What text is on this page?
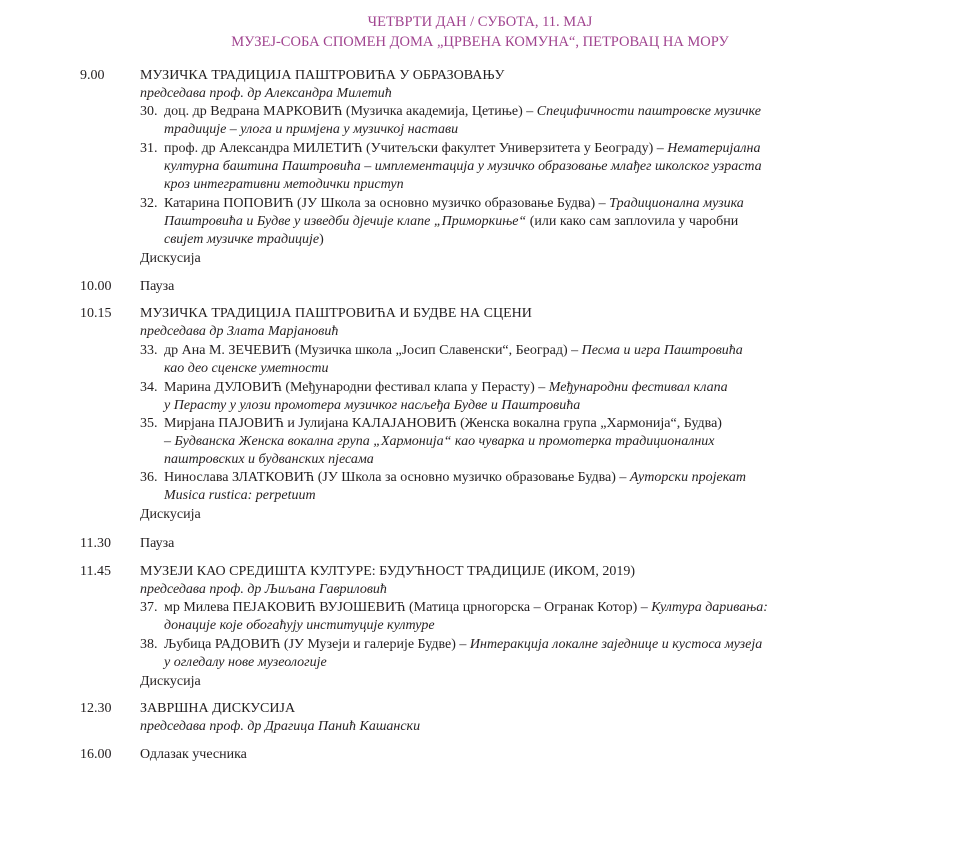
ЧЕТВРТИ ДАН / СУБОТА, 11. МАЈ
МУЗЕЈ-СОБА СПОМЕН ДОМА „ЦРВЕНА КОМУНА“, ПЕТРОВАЦ НА МОРУ
9.00	МУЗИЧКА ТРАДИЦИЈА ПАШТРОВИЋА У ОБРАЗОВАЊУ
председава проф. др Александра Милетић
30. доц. др Ведрана МАРКОВИЋ (Музичка академија, Цетиње) – Специфичности паштровске музичке
традиције – улога и примјена у музичкој настави
31. проф. др Александра МИЛЕТИЋ (Учитељски факултет Универзитета у Београду) – Нематеријална
културна баштина Паштровића – имплементација у музичко образовање млађег школског узраста
кроз интегративни методички приступ
32. Катарина ПОПОВИЋ (ЈУ Школа за основно музичко образовање Будва) – Традиционална музика
Паштровића и Будве у изведби дјечије клапе „Приморкиње“ (или како сам заплovила у чаробни
свијет музичке традиције)
Дискусија
10.00 Пауза
10.15 МУЗИЧКА ТРАДИЦИЈА ПАШТРОВИЋА И БУДВЕ НА СЦЕНИ
председава др Злата Марјановић
33. др Ана М. ЗЕЧЕВИЋ (Музичка школа „Јосип Славенски“, Београд) – Песма и игра Паштровића
као део сценске уметности
34. Марина ДУЛОВИЋ (Међународни фестивал клапа у Перасту) – Међународни фестивал клапа
у Перасту у улози промотера музичког насљеђа Будве и Паштровића
35. Мирјана ПАЈОВИЋ и Јулијана КАЛАЈАНОВИЋ (Женска вокална група „Хармонија“, Будва)
– Будванска Женска вокална група „Хармонија“ као чуварка и промотерка традиционалних
паштровских и будванских пјесама
36. Нинослава ЗЛАТКОВИЋ (ЈУ Школа за основно музичко образовање Будва) – Ауторски пројекат
Musica rustica: perpetuum
Дискусија
11.30 Пауза
11.45 МУЗЕЈИ КАО СРЕДИШТА КУЛТУРЕ: БУДУЋНОСТ ТРАДИЦИЈЕ (ИКОМ, 2019)
председава проф. др Љиљана Гавриловић
37. мр Милева ПЕЈАКОВИЋ ВУЈОШЕВИЋ (Матица црногорска – Огранак Котор) – Култура даривања:
донације које обогаћују институције културе
38. Љубица РАДОВИЋ (ЈУ Музеји и галерије Будве) – Интеракција локалне заједнице и кустоса музеја
у огледалу нове музеологије
Дискусија
12.30 ЗАВРШНА ДИСКУСИЈА
председава проф. др Драгица Панић Кашански
16.00 Одлазак учесника
